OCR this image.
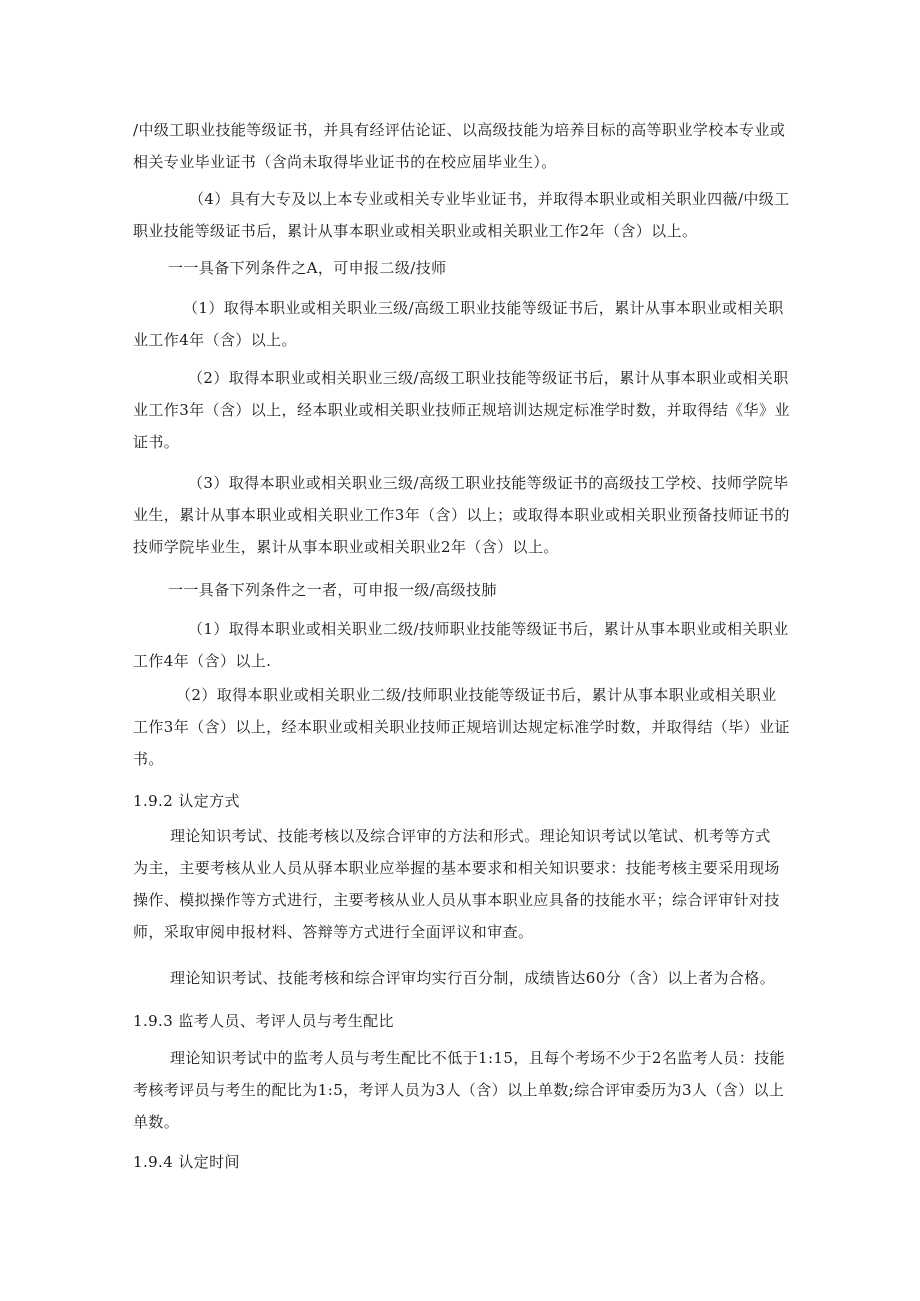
/中级工职业技能等级证书，并具有经评估论证、以高级技能为培养目标的高等职业学校本专业或
相关专业毕业证书（含尚未取得毕业证书的在校应届毕业生）。
（4）具有大专及以上本专业或相关专业毕业证书，并取得本职业或相关职业四薇/中级工
职业技能等级证书后，累计从事本职业或相关职业或相关职业工作2年（含）以上。
一一具备下列条件之A，可申报二级/技师
（1）取得本职业或相关职业三级/高级工职业技能等级证书后，累计从事本职业或相关职
业工作4年（含）以上。
（2）取得本职业或相关职业三级/高级工职业技能等级证书后，累计从事本职业或相关职
业工作3年（含）以上，经本职业或相关职业技师正规培训达规定标准学时数，并取得结《华》业
证书。
（3）取得本职业或相关职业三级/高级工职业技能等级证书的高级技工学校、技师学院毕
业生，累计从事本职业或相关职业工作3年（含）以上；或取得本职业或相关职业预备技师证书的
技师学院毕业生，累计从事本职业或相关职业2年（含）以上。
一一具备下列条件之一者，可申报一级/高级技肺
（1）取得本职业或相关职业二级/技师职业技能等级证书后，累计从事本职业或相关职业
工作4年（含）以上.
（2）取得本职业或相关职业二级/技师职业技能等级证书后，累计从事本职业或相关职业
工作3年（含）以上，经本职业或相关职业技师正规培训达规定标准学时数，并取得结（毕）业证
书。
1.9.2 认定方式
理论知识考试、技能考核以及综合评审的方法和形式。理论知识考试以笔试、机考等方式
为主，主要考核从业人员从驿本职业应举握的基本要求和相关知识要求：技能考核主要采用现场
操作、模拟操作等方式进行，主要考核从业人员从事本职业应具备的技能水平；综合评审针对技
师，采取审阅申报材料、答辩等方式进行全面评议和审查。
理论知识考试、技能考核和综合评审均实行百分制，成绩皆达60分（含）以上者为合格。
1.9.3 监考人员、考评人员与考生配比
理论知识考试中的监考人员与考生配比不低于1:15，且每个考场不少于2名监考人员：技能
考核考评员与考生的配比为1:5，考评人员为3人（含）以上单数;综合评审委历为3人（含）以上
单数。
1.9.4 认定时间
